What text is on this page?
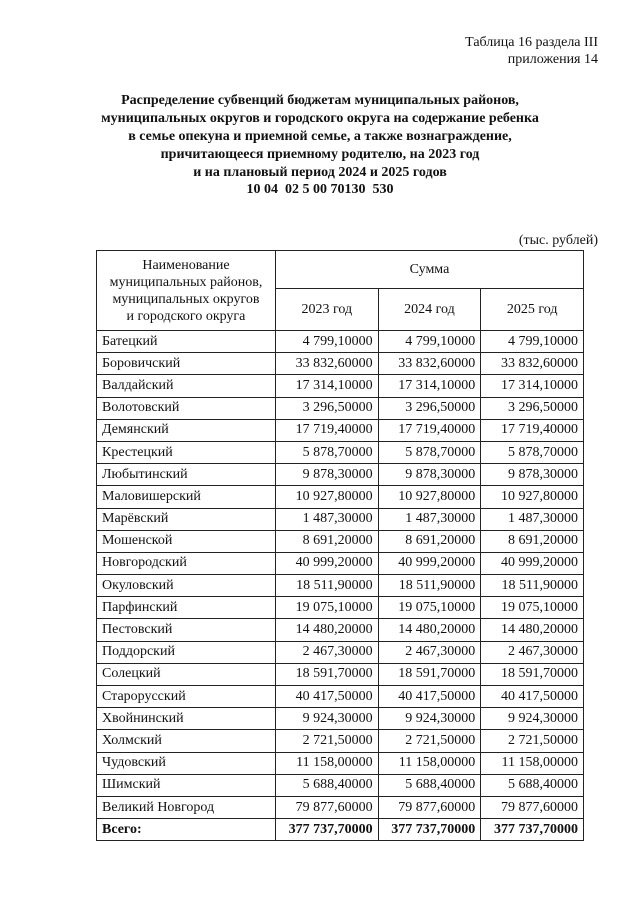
Таблица 16 раздела III
приложения 14
Распределение субвенций бюджетам муниципальных районов,
муниципальных округов и городского округа на содержание ребенка
в семье опекуна и приемной семье, а также вознаграждение,
причитающееся приемному родителю, на 2023 год
и на плановый период 2024 и 2025 годов
10 04  02 5 00 70130  530
(тыс. рублей)
Наименование
муниципальных районов,
муниципальных округов
и городского округа	Сумма		
	2023 год	2024 год	2025 год
Батецкий	4 799,10000	4 799,10000	4 799,10000
Боровичский	33 832,60000	33 832,60000	33 832,60000
Валдайский	17 314,10000	17 314,10000	17 314,10000
Волотовский	3 296,50000	3 296,50000	3 296,50000
Демянский	17 719,40000	17 719,40000	17 719,40000
Крестецкий	5 878,70000	5 878,70000	5 878,70000
Любытинский	9 878,30000	9 878,30000	9 878,30000
Маловишерский	10 927,80000	10 927,80000	10 927,80000
Марёвский	1 487,30000	1 487,30000	1 487,30000
Мошенской	8 691,20000	8 691,20000	8 691,20000
Новгородский	40 999,20000	40 999,20000	40 999,20000
Окуловский	18 511,90000	18 511,90000	18 511,90000
Парфинский	19 075,10000	19 075,10000	19 075,10000
Пестовский	14 480,20000	14 480,20000	14 480,20000
Поддорский	2 467,30000	2 467,30000	2 467,30000
Солецкий	18 591,70000	18 591,70000	18 591,70000
Старорусский	40 417,50000	40 417,50000	40 417,50000
Хвойнинский	9 924,30000	9 924,30000	9 924,30000
Холмский	2 721,50000	2 721,50000	2 721,50000
Чудовский	11 158,00000	11 158,00000	11 158,00000
Шимский	5 688,40000	5 688,40000	5 688,40000
Великий Новгород	79 877,60000	79 877,60000	79 877,60000
Всего:	377 737,70000	377 737,70000	377 737,70000
